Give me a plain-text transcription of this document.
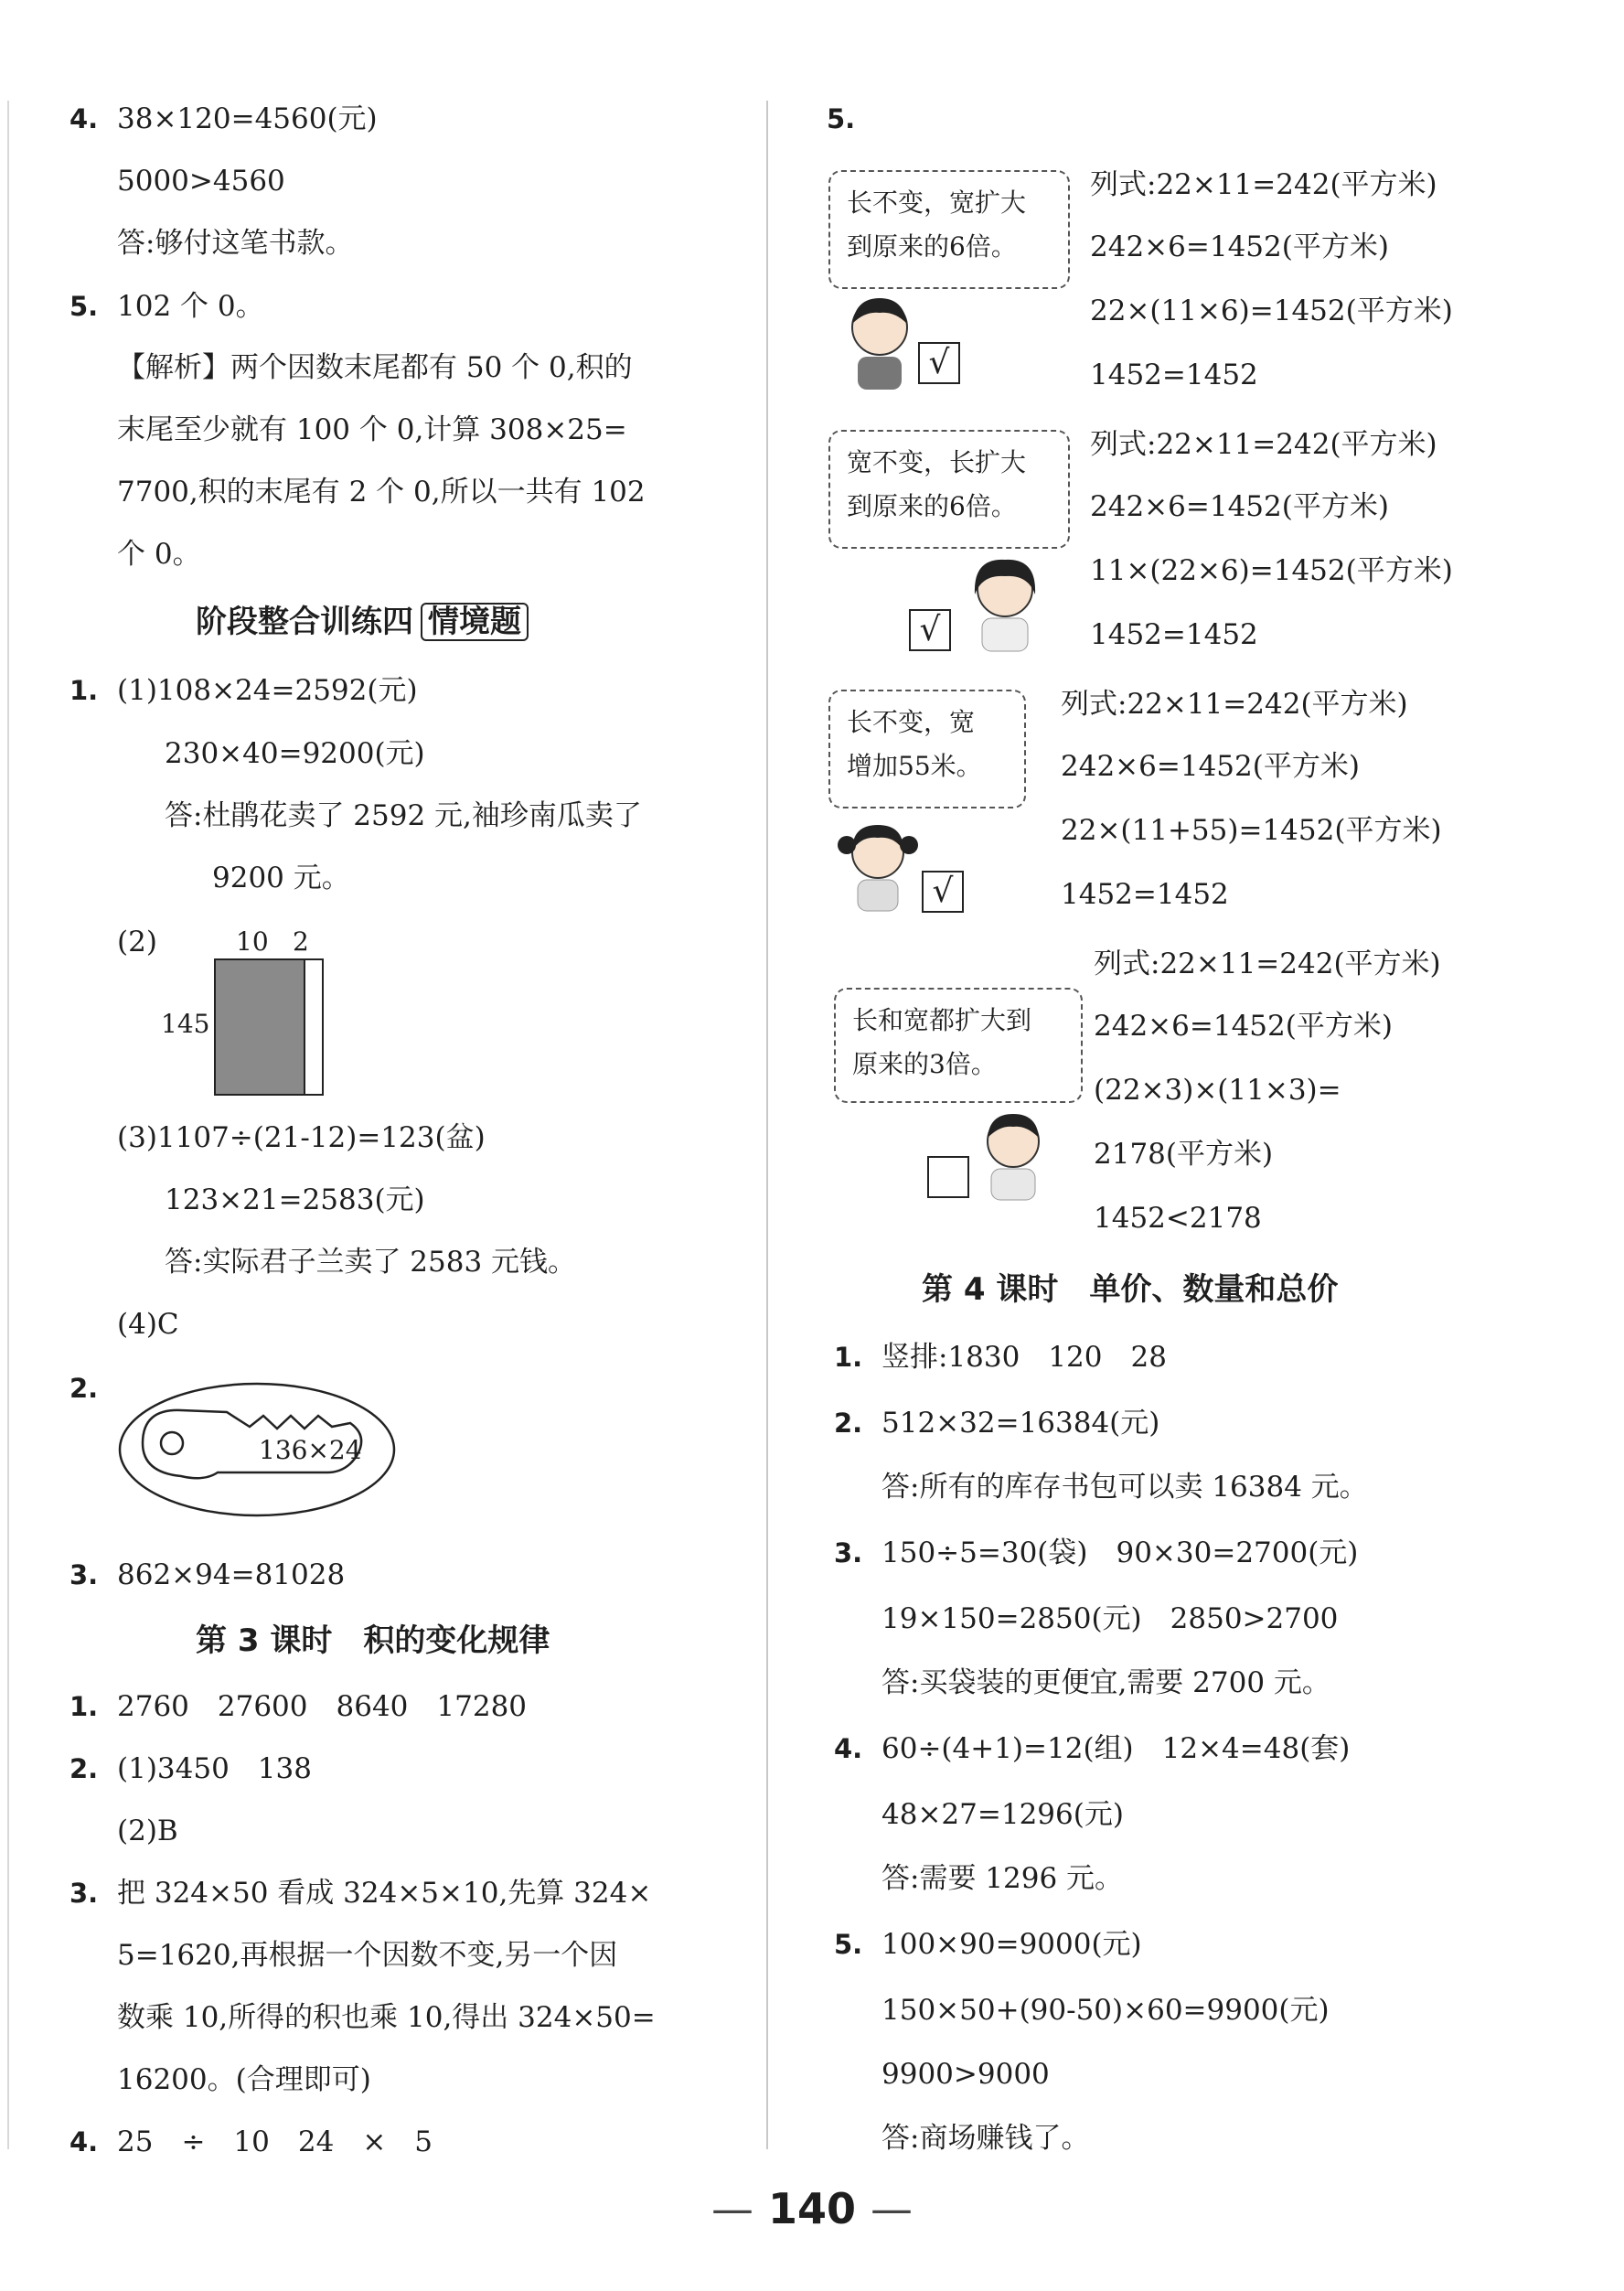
4. 38×120=4560(元)
5000>4560
答:够付这笔书款。
5. 102 个 0。
【解析】两个因数末尾都有 50 个 0,积的
末尾至少就有 100 个 0,计算 308×25=
7700,积的末尾有 2 个 0,所以一共有 102
个 0。
阶段整合训练四 情境题
1. (1)108×24=2592(元)
230×40=9200(元)
答:杜鹃花卖了 2592 元,袖珍南瓜卖了
9200 元。
(2)	10 2
145
(3)1107÷(21-12)=123(盆)
123×21=2583(元)
答:实际君子兰卖了 2583 元钱。
(4)C
2.
136×24
3. 862×94=81028
第 3 课时　积的变化规律
1. 2760　27600　8640　17280
2. (1)3450　138
(2)B
3. 把 324×50 看成 324×5×10,先算 324×
5=1620,再根据一个因数不变,另一个因
数乘 10,所得的积也乘 10,得出 324×50=
16200。(合理即可)
4. 25　÷　10　24　×　5
5.
长不变，宽扩大
到原来的6倍。
√
列式:22×11=242(平方米)
242×6=1452(平方米)
22×(11×6)=1452(平方米)
1452=1452
宽不变，长扩大
到原来的6倍。
√
列式:22×11=242(平方米)
242×6=1452(平方米)
11×(22×6)=1452(平方米)
1452=1452
长不变，宽
增加55米。
√
列式:22×11=242(平方米)
242×6=1452(平方米)
22×(11+55)=1452(平方米)
1452=1452
长和宽都扩大到
原来的3倍。
列式:22×11=242(平方米)
242×6=1452(平方米)
(22×3)×(11×3)=
2178(平方米)
1452<2178
第 4 课时　单价、数量和总价
1. 竖排:1830　120　28
2. 512×32=16384(元)
答:所有的库存书包可以卖 16384 元。
3. 150÷5=30(袋)　90×30=2700(元)
19×150=2850(元)　2850>2700
答:买袋装的更便宜,需要 2700 元。
4. 60÷(4+1)=12(组)　12×4=48(套)
48×27=1296(元)
答:需要 1296 元。
5. 100×90=9000(元)
150×50+(90-50)×60=9900(元)
9900>9000
答:商场赚钱了。
— 140 —
